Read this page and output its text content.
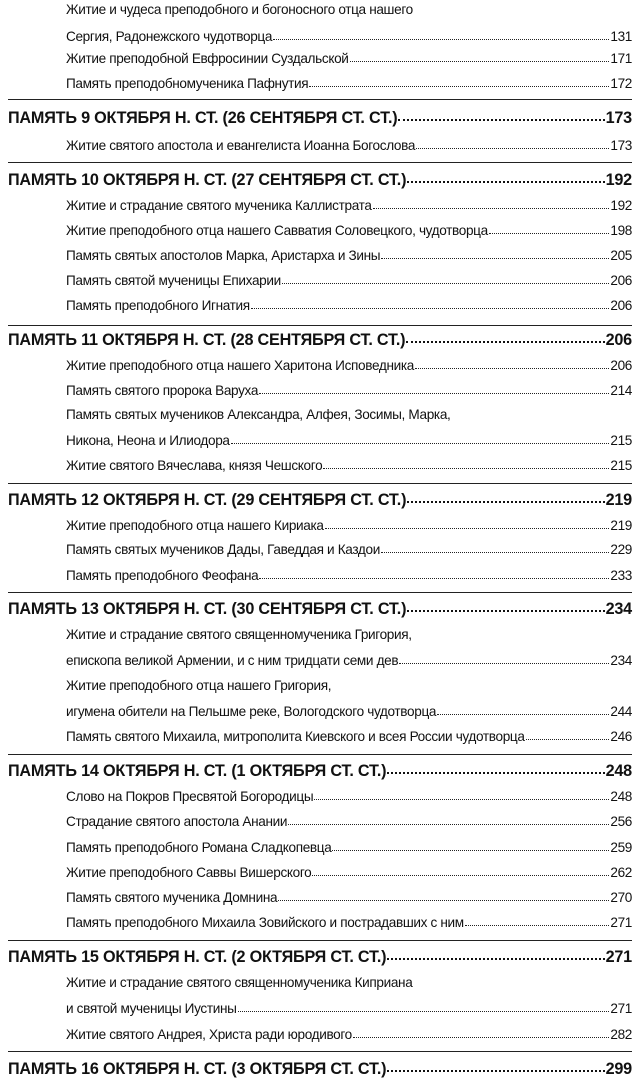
Житие и чудеса преподобного и богоносного отца нашего
Сергия, Радонежского чудотворца	131
Житие преподобной Евфросинии Суздальской	171
Память преподобномученика Пафнутия	172
ПАМЯТЬ 9 ОКТЯБРЯ Н. СТ. (26 СЕНТЯБРЯ СТ. СТ.)	173
Житие святого апостола и евангелиста Иоанна Богослова	173
ПАМЯТЬ 10 ОКТЯБРЯ Н. СТ. (27 СЕНТЯБРЯ СТ. СТ.)	192
Житие и страдание святого мученика Каллистрата	192
Житие преподобного отца нашего Савватия Соловецкого, чудотворца	198
Память святых апостолов Марка, Аристарха и Зины	205
Память святой мученицы Епихарии	206
Память преподобного Игнатия	206
ПАМЯТЬ 11 ОКТЯБРЯ Н. СТ. (28 СЕНТЯБРЯ СТ. СТ.)	206
Житие преподобного отца нашего Харитона Исповедника	206
Память святого пророка Варуха	214
Память святых мучеников Александра, Алфея, Зосимы, Марка,
Никона, Неона и Илиодора	215
Житие святого Вячеслава, князя Чешского	215
ПАМЯТЬ 12 ОКТЯБРЯ Н. СТ. (29 СЕНТЯБРЯ СТ. СТ.)	219
Житие преподобного отца нашего Кириака	219
Память святых мучеников Дады, Гаведдая и Каздои	229
Память преподобного Феофана	233
ПАМЯТЬ 13 ОКТЯБРЯ Н. СТ. (30 СЕНТЯБРЯ СТ. СТ.)	234
Житие и страдание святого священномученика Григория,
епископа великой Армении, и с ним тридцати семи дев	234
Житие преподобного отца нашего Григория,
игумена обители на Пельшме реке, Вологодского чудотворца	244
Память святого Михаила, митрополита Киевского и всея России чудотворца	246
ПАМЯТЬ 14 ОКТЯБРЯ Н. СТ. (1 ОКТЯБРЯ СТ. СТ.)	248
Слово на Покров Пресвятой Богородицы	248
Страдание святого апостола Анании	256
Память преподобного Романа Сладкопевца	259
Житие преподобного Саввы Вишерского	262
Память святого мученика Домнина	270
Память преподобного Михаила Зовийского и пострадавших с ним	271
ПАМЯТЬ 15 ОКТЯБРЯ Н. СТ. (2 ОКТЯБРЯ СТ. СТ.)	271
Житие и страдание святого священномученика Киприана
и святой мученицы Иустины	271
Житие святого Андрея, Христа ради юродивого	282
ПАМЯТЬ 16 ОКТЯБРЯ Н. СТ. (3 ОКТЯБРЯ СТ. СТ.)	299
